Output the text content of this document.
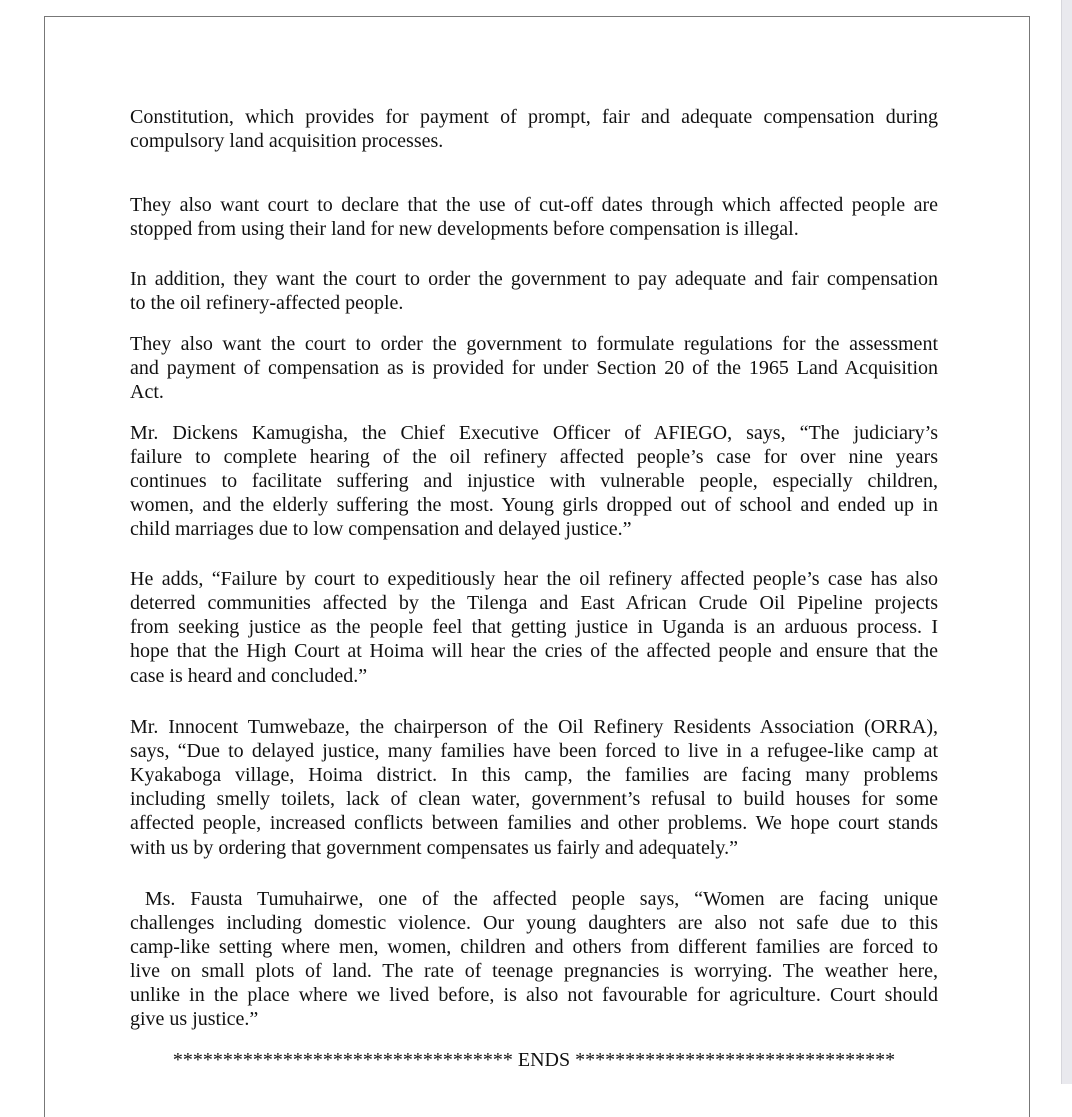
Constitution, which provides for payment of prompt, fair and adequate compensation during
compulsory land acquisition processes.
They also want court to declare that the use of cut-off dates through which affected people are
stopped from using their land for new developments before compensation is illegal.
In addition, they want the court to order the government to pay adequate and fair compensation
to the oil refinery-affected people.
They also want the court to order the government to formulate regulations for the assessment
and payment of compensation as is provided for under Section 20 of the 1965 Land Acquisition
Act.
Mr. Dickens Kamugisha, the Chief Executive Officer of AFIEGO, says, “The judiciary’s
failure to complete hearing of the oil refinery affected people’s case for over nine years
continues to facilitate suffering and injustice with vulnerable people, especially children,
women, and the elderly suffering the most. Young girls dropped out of school and ended up in
child marriages due to low compensation and delayed justice.”
He adds, “Failure by court to expeditiously hear the oil refinery affected people’s case has also
deterred communities affected by the Tilenga and East African Crude Oil Pipeline projects
from seeking justice as the people feel that getting justice in Uganda is an arduous process. I
hope that the High Court at Hoima will hear the cries of the affected people and ensure that the
case is heard and concluded.”
Mr. Innocent Tumwebaze, the chairperson of the Oil Refinery Residents Association (ORRA),
says, “Due to delayed justice, many families have been forced to live in a refugee-like camp at
Kyakaboga village, Hoima district. In this camp, the families are facing many problems
including smelly toilets, lack of clean water, government’s refusal to build houses for some
affected people, increased conflicts between families and other problems. We hope court stands
with us by ordering that government compensates us fairly and adequately.”
Ms. Fausta Tumuhairwe, one of the affected people says, “Women are facing unique
challenges including domestic violence. Our young daughters are also not safe due to this
camp-like setting where men, women, children and others from different families are forced to
live on small plots of land. The rate of teenage pregnancies is worrying. The weather here,
unlike in the place where we lived before, is also not favourable for agriculture. Court should
give us justice.”
********************************** ENDS ********************************
